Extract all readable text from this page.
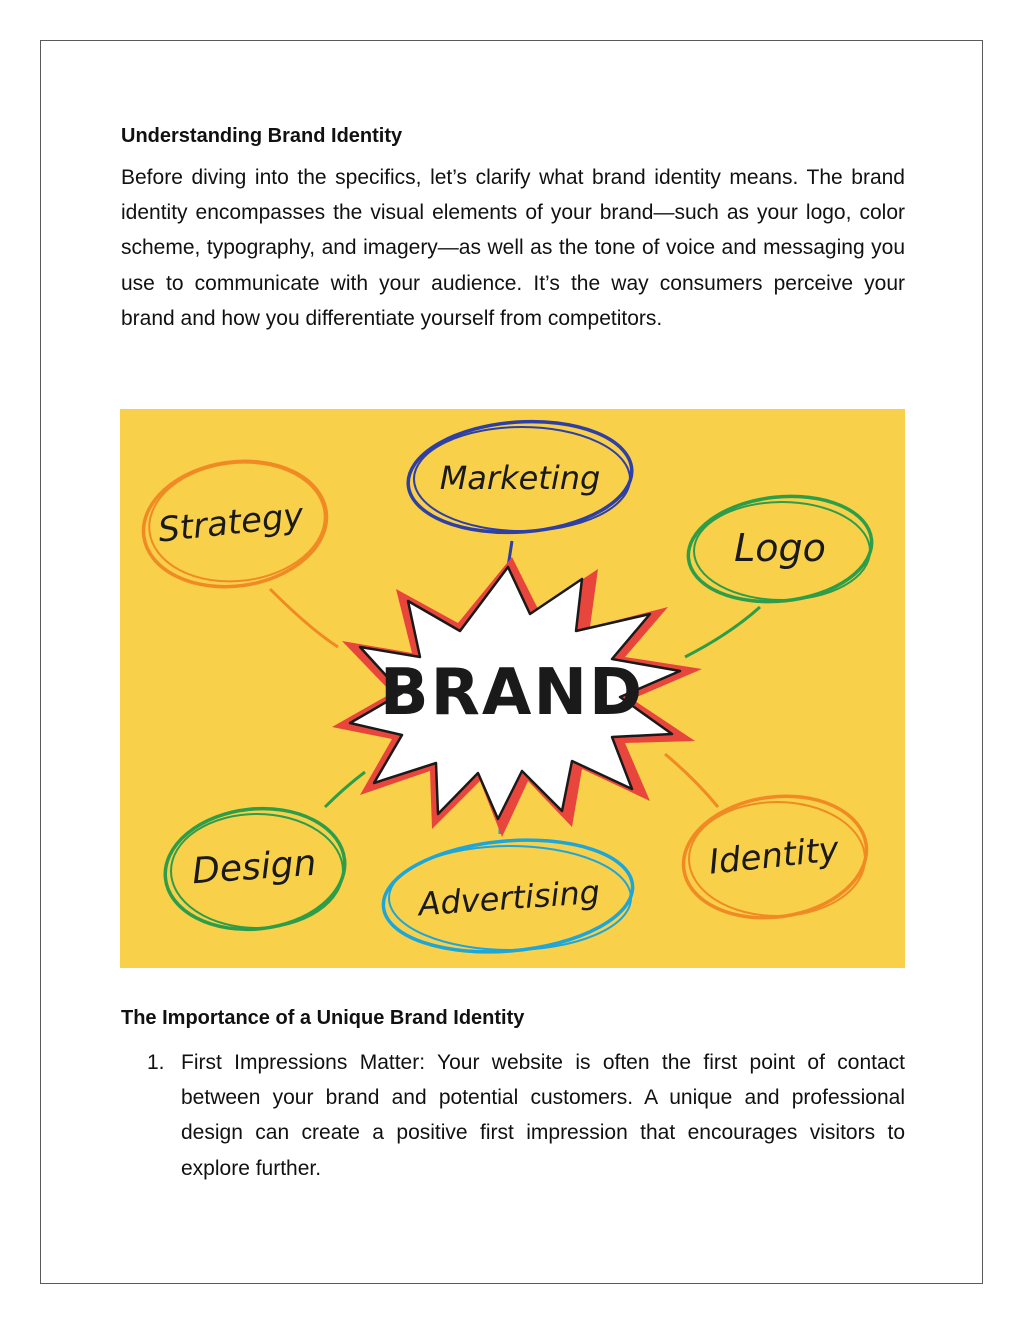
Understanding Brand Identity

Before diving into the specifics, let’s clarify what brand identity means. The brand identity encompasses the visual elements of your brand—such as your logo, color scheme, typography, and imagery—as well as the tone of voice and messaging you use to communicate with your audience. It’s the way consumers perceive your brand and how you differentiate yourself from competitors.

Strategy
Marketing
Logo
BRAND
Design
Advertising
Identity
The Importance of a Unique Brand Identity
1. First Impressions Matter: Your website is often the first point of contact between your brand and potential customers. A unique and professional design can create a positive first impression that encourages visitors to explore further.
